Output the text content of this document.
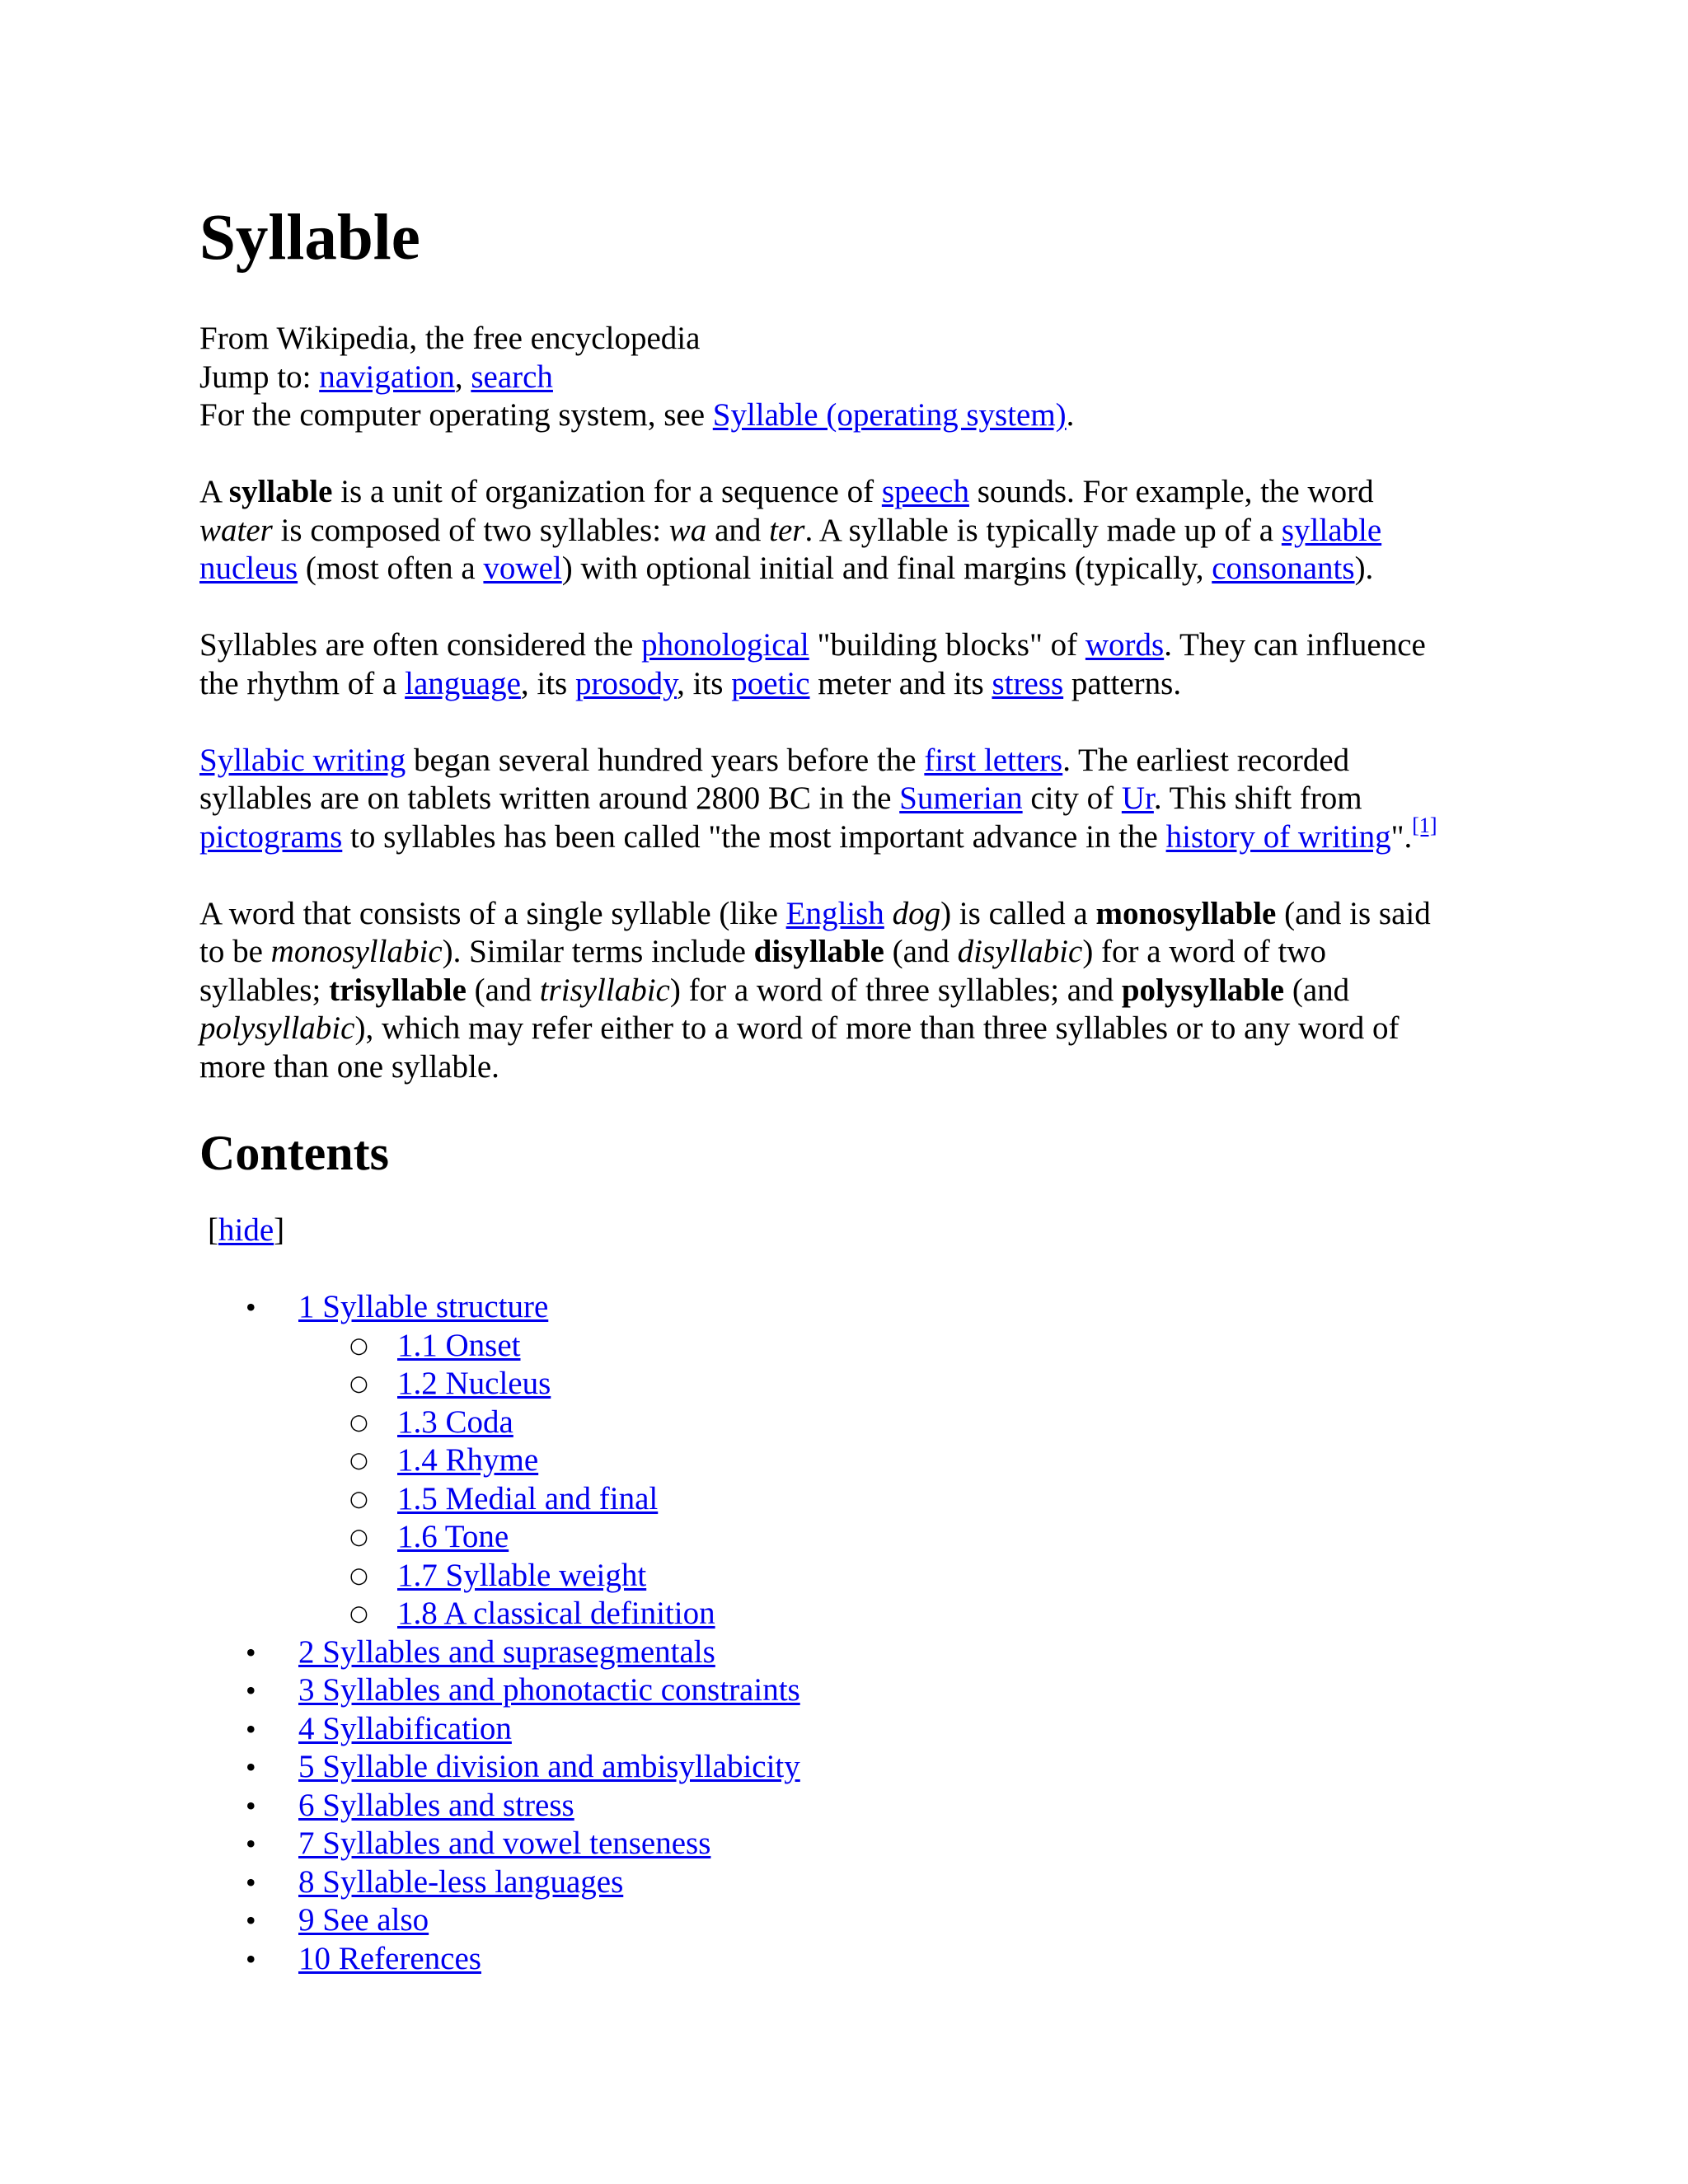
Syllable
From Wikipedia, the free encyclopedia
Jump to: navigation, search
For the computer operating system, see Syllable (operating system).
A syllable is a unit of organization for a sequence of speech sounds. For example, the word
water is composed of two syllables: wa and ter. A syllable is typically made up of a syllable
nucleus (most often a vowel) with optional initial and final margins (typically, consonants).
Syllables are often considered the phonological "building blocks" of words. They can influence
the rhythm of a language, its prosody, its poetic meter and its stress patterns.
Syllabic writing began several hundred years before the first letters. The earliest recorded
syllables are on tablets written around 2800 BC in the Sumerian city of Ur. This shift from
pictograms to syllables has been called "the most important advance in the history of writing".[1]
A word that consists of a single syllable (like English dog) is called a monosyllable (and is said
to be monosyllabic). Similar terms include disyllable (and disyllabic) for a word of two
syllables; trisyllable (and trisyllabic) for a word of three syllables; and polysyllable (and
polysyllabic), which may refer either to a word of more than three syllables or to any word of
more than one syllable.
Contents
[hide]
• 1 Syllable structure
○ 1.1 Onset
○ 1.2 Nucleus
○ 1.3 Coda
○ 1.4 Rhyme
○ 1.5 Medial and final
○ 1.6 Tone
○ 1.7 Syllable weight
○ 1.8 A classical definition
• 2 Syllables and suprasegmentals
• 3 Syllables and phonotactic constraints
• 4 Syllabification
• 5 Syllable division and ambisyllabicity
• 6 Syllables and stress
• 7 Syllables and vowel tenseness
• 8 Syllable-less languages
• 9 See also
• 10 References
